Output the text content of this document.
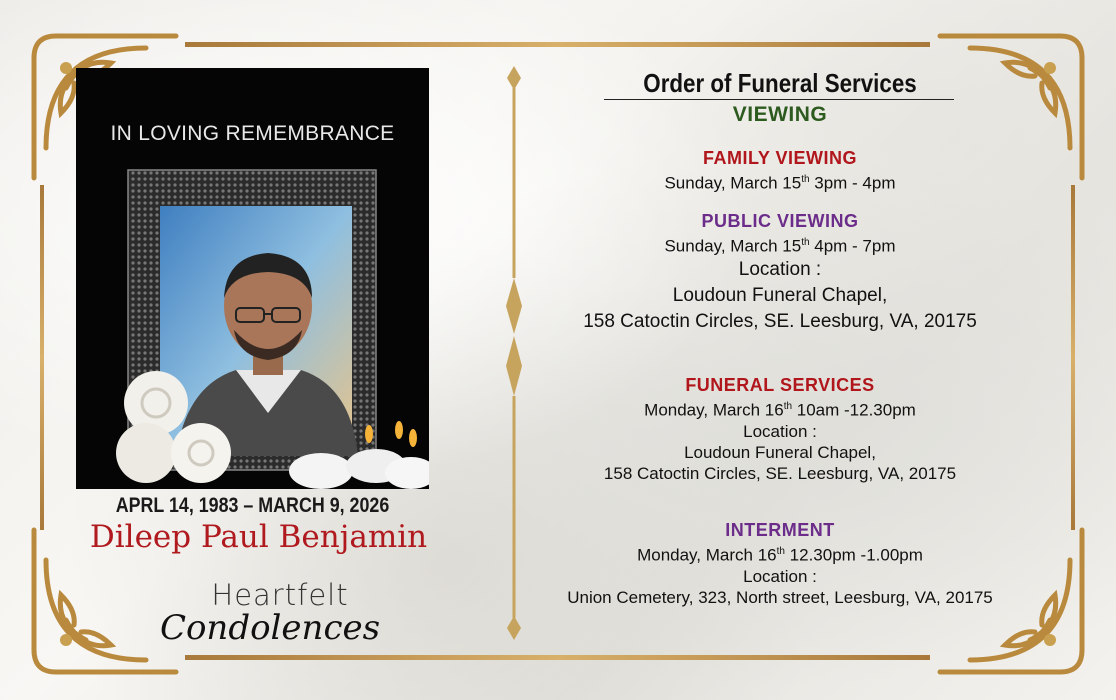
IN LOVING REMEMBRANCE
APRL 14, 1983 – MARCH 9, 2026
Dileep Paul Benjamin
Heartfelt
Condolences
Order of Funeral Services
VIEWING
FAMILY VIEWING
Sunday, March 15th 3pm - 4pm
PUBLIC VIEWING
Sunday, March 15th 4pm - 7pm
Location :
Loudoun Funeral Chapel,
158 Catoctin Circles, SE. Leesburg, VA, 20175
FUNERAL SERVICES
Monday, March 16th 10am -12.30pm
Location :
Loudoun Funeral Chapel,
158 Catoctin Circles, SE. Leesburg, VA, 20175
INTERMENT
Monday, March 16th 12.30pm -1.00pm
Location :
Union Cemetery, 323, North street, Leesburg, VA, 20175
